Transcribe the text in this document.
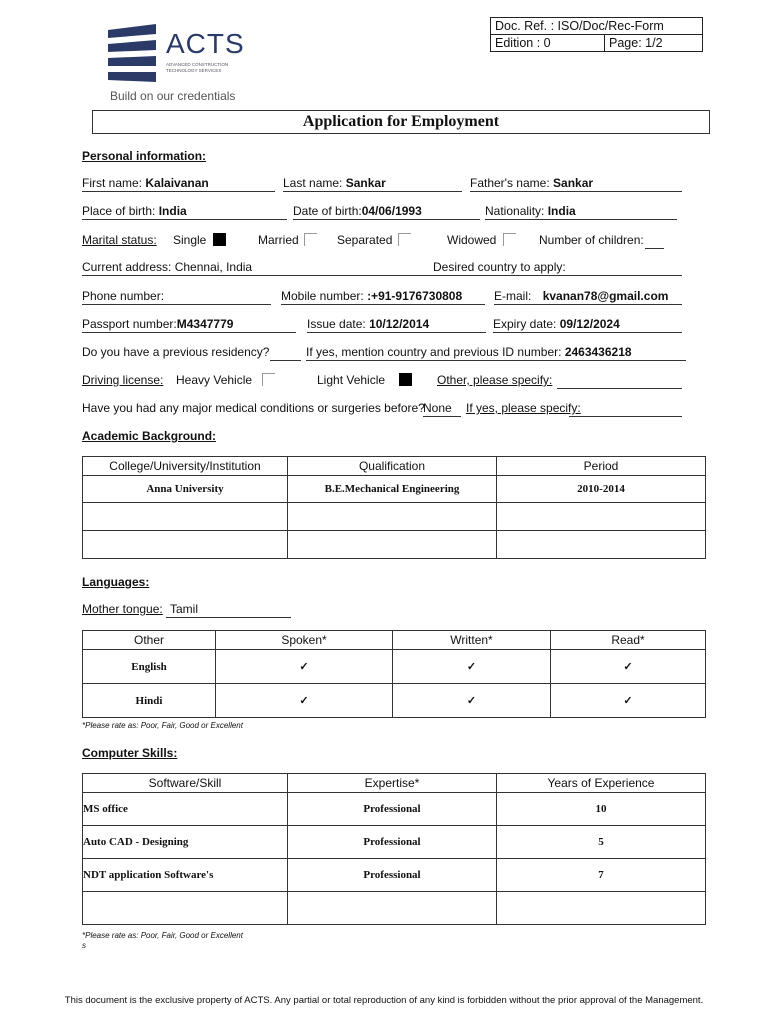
ACTS
ADVANCED CONSTRUCTION TECHNOLOGY SERVICES
Build on our credentials
Doc. Ref. : ISO/Doc/Rec-Form
Edition : 0	Page: 1/2
Application for Employment
Personal information:
First name: Kalaivanan	Last name: Sankar	Father's name: Sankar
Place of birth: India	Date of birth:04/06/1993	Nationality: India
Marital status: Single	Married	Separated	Widowed	Number of children:
Current address: Chennai, India	Desired country to apply:
Phone number:	Mobile number: :+91-9176730808	E-mail: kvanan78@gmail.com
Passport number:M4347779	Issue date: 10/12/2014	Expiry date: 09/12/2024
Do you have a previous residency?	If yes, mention country and previous ID number: 2463436218
Driving license: Heavy Vehicle	Light Vehicle	Other, please specify:
Have you had any major medical conditions or surgeries before?
None	If yes, please specify:
Academic Background:
College/University/Institution	Qualification	Period
Anna University	B.E.Mechanical Engineering	2010-2014

Languages:
Mother tongue: Tamil
Other	Spoken*	Written*	Read*
English	✓	✓	✓
Hindi	✓	✓	✓
*Please rate as: Poor, Fair, Good or Excellent
Computer Skills:
Software/Skill	Expertise*	Years of Experience
MS office	Professional	10
Auto CAD - Designing	Professional	5
NDT application Software's	Professional	7

*Please rate as: Poor, Fair, Good or Excellent
s
This document is the exclusive property of ACTS. Any partial or total reproduction of any kind is forbidden without the prior approval of the Management.
